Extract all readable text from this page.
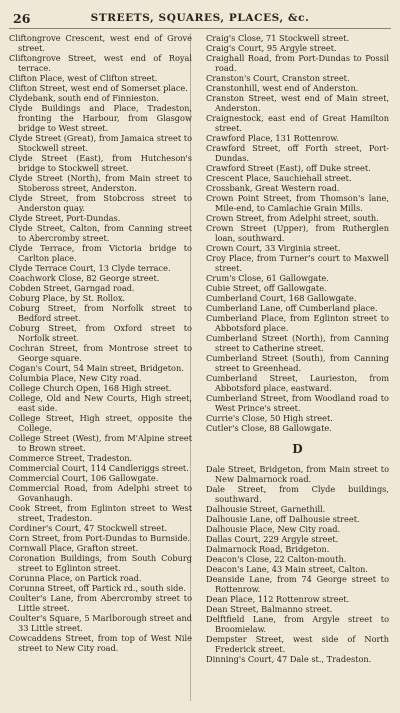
26	STREETS, SQUARES, PLACES, &c.

Cliftongrove Crescent, west end of Grove street.

Cliftongrove Street, west end of Royal terrace.

Clifton Place, west of Clifton street.

Clifton Street, west end of Somerset place.

Clydebank, south end of Finnieston.

Clyde Buildings and Place, Tradeston, fronting the Harbour, from Glasgow bridge to West street.

Clyde Street (Great), from Jamaica street to Stockwell street.

Clyde Street (East), from Hutcheson's bridge to Stockwell street.

Clyde Street (North), from Main street to Stobeross street, Anderston.

Clyde Street, from Stobcross street to Anderston quay.

Clyde Street, Port-Dundas.

Clyde Street, Calton, from Canning street to Abercromby street.

Clyde Terrace, from Victoria bridge to Carlton place.

Clyde Terrace Court, 13 Clyde terrace.

Coachwork Close, 82 George street.

Cobden Street, Garngad road.

Coburg Place, by St. Rollox.

Coburg Street, from Norfolk street to Bedford street.

Coburg Street, from Oxford street to Norfolk street.

Cochran Street, from Montrose street to George square.

Cogan's Court, 54 Main street, Bridgeton.

Columbia Place, New City road.

College Church Open, 168 High street.

College, Old and New Courts, High street, east side.

College Street, High street, opposite the College.

College Street (West), from M'Alpine street to Brown street.

Commerce Street, Tradeston.

Commercial Court, 114 Candleriggs street.

Commercial Court, 106 Gallowgate.

Commercial Road, from Adelphi street to Govanhaugh.

Cook Street, from Eglinton street to West street, Tradeston.

Cordiner's Court, 47 Stockwell street.

Corn Street, from Port-Dundas to Burnside.

Cornwall Place, Grafton street.

Coronation Buildings, from South Coburg street to Eglinton street.

Corunna Place, on Partick road.

Corunna Street, off Partick rd., south side.

Coulter's Lane, from Abercromby street to Little street.

Coulter's Square, 5 Marlborough street and 33 Little street.

Cowcaddens Street, from top of West Nile street to New City road.

Craig's Close, 71 Stockwell street.

Craig's Court, 95 Argyle street.

Craighall Road, from Port-Dundas to Possil road.

Cranston's Court, Cranston street.

Cranstonhill, west end of Anderston.

Cranston Street, west end of Main street, Anderston.

Craignestock, east end of Great Hamilton street.

Crawford Place, 131 Rottenrow.

Crawford Street, off Forth street, Port-Dundas.

Crawford Street (East), off Duke street.

Crescent Place, Sauchiehall street.

Crossbank, Great Western road.

Crown Point Street, from Thomson's lane, Mile-end, to Camlachie Grain Mills.

Crown Street, from Adelphi street, south.

Crown Street (Upper), from Rutherglen loan, southward.

Crown Court, 33 Virginia street.

Croy Place, from Turner's court to Maxwell street.

Crum's Close, 61 Gallowgate.

Cubie Street, off Gallowgate.

Cumberland Court, 168 Gallowgate.

Cumberland Lane, off Cumberland place.

Cumberland Place, from Eglinton street to Abbotsford place.

Cumberland Street (North), from Canning street to Catherine street.

Cumberland Street (South), from Canning street to Greenhead.

Cumberland Street, Laurieston, from Abbotsford place, eastward.

Cumberland Street, from Woodland road to West Prince's street.

Currie's Close, 50 High street.

Cutler's Close, 88 Gallowgate.

D

Dale Street, Bridgeton, from Main street to New Dalmarnock road.

Dale Street, from Clyde buildings, southward.

Dalhousie Street, Garnethill.

Dalhousie Lane, off Dalhousie street.

Dalhousie Place, New City road.

Dallas Court, 229 Argyle street.

Dalmarnock Road, Bridgeton.

Deacon's Close, 22 Calton-mouth.

Deacon's Lane, 43 Main street, Calton.

Deanside Lane, from 74 George street to Rottenrow.

Dean Place, 112 Rottenrow street.

Dean Street, Balmanno street.

Delftfield Lane, from Argyle street to Broomielaw.

Dempster Street, west side of North Frederick street.

Dinning's Court, 47 Dale st., Tradeston.
